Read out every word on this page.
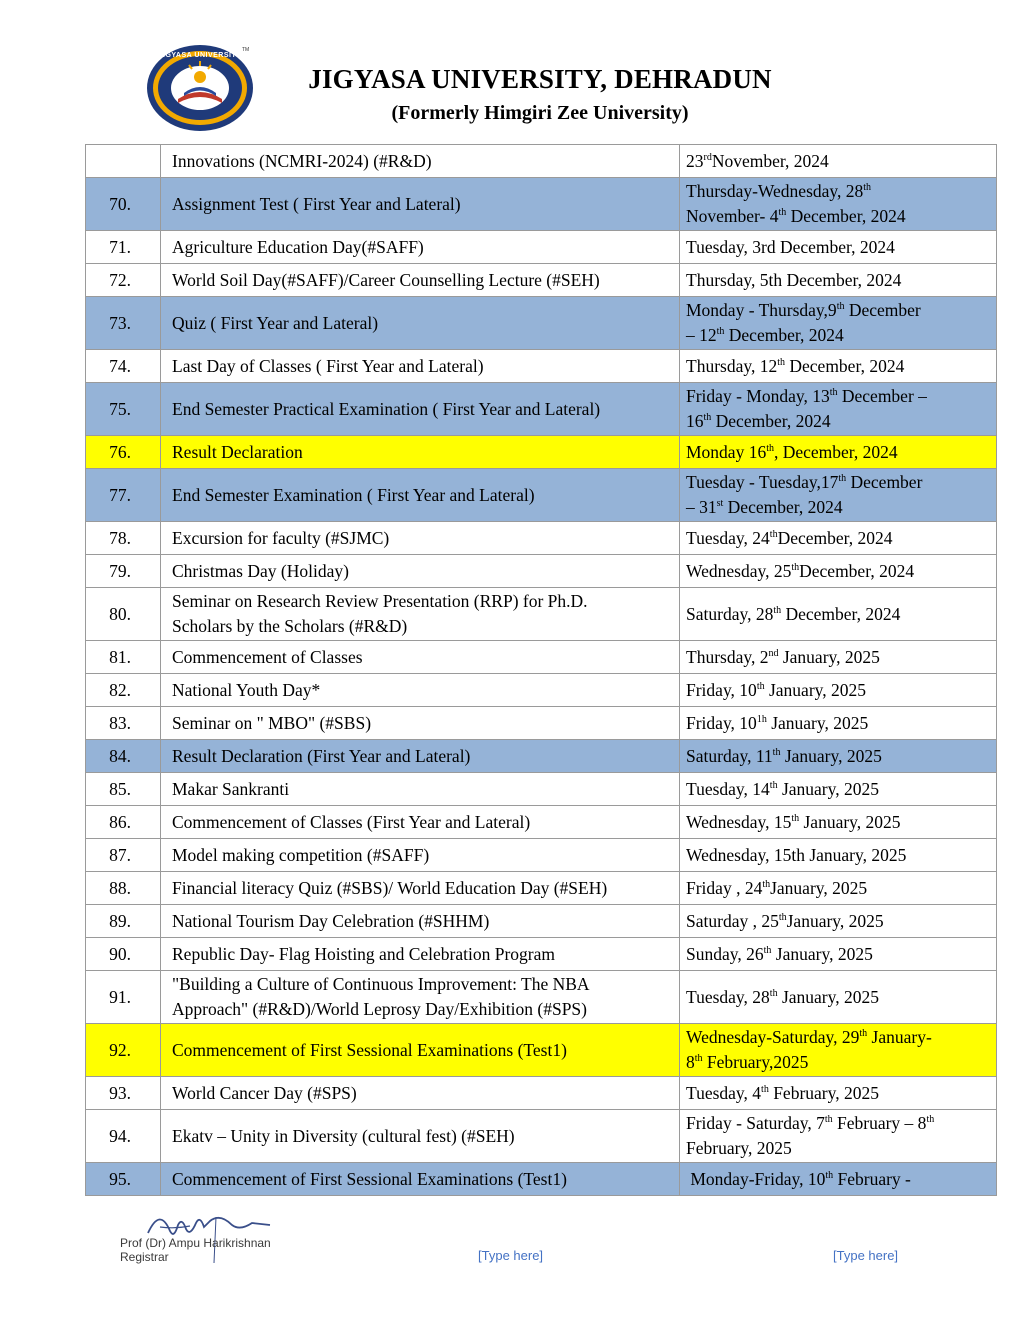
JIGYASA UNIVERSITY
TM
JIGYASA UNIVERSITY, DEHRADUN
(Formerly Himgiri Zee University)
	Innovations (NCMRI-2024) (#R&D)	23rdNovember, 2024
70.	Assignment Test ( First Year and Lateral)	Thursday-Wednesday, 28th
November- 4th December, 2024
71.	Agriculture Education Day(#SAFF)	Tuesday, 3rd December, 2024
72.	World Soil Day(#SAFF)/Career Counselling Lecture (#SEH)	Thursday, 5th December, 2024
73.	Quiz ( First Year and Lateral)	Monday - Thursday,9th December
– 12th December, 2024
74.	Last Day of Classes ( First Year and Lateral)	Thursday, 12th December, 2024
75.	End Semester Practical Examination ( First Year and Lateral)	Friday - Monday, 13th December –
16th December, 2024
76.	Result Declaration	Monday 16th, December, 2024
77.	End Semester Examination ( First Year and Lateral)	Tuesday - Tuesday,17th December
– 31st December, 2024
78.	Excursion for faculty (#SJMC)	Tuesday, 24thDecember, 2024
79.	Christmas Day (Holiday)	Wednesday, 25thDecember, 2024
80.	Seminar on Research Review Presentation (RRP) for Ph.D.
Scholars by the Scholars (#R&D)	Saturday, 28th December, 2024
81.	Commencement of Classes	Thursday, 2nd January, 2025
82.	National Youth Day*	Friday, 10th January, 2025
83.	Seminar on " MBO" (#SBS)	Friday, $10^{1h}$ January, 2025
84.	Result Declaration (First Year and Lateral)	Saturday, 11th January, 2025
85.	Makar Sankranti	Tuesday, 14th January, 2025
86.	Commencement of Classes (First Year and Lateral)	Wednesday, 15th January, 2025
87.	Model making competition (#SAFF)	Wednesday, 15th January, 2025
88.	Financial literacy Quiz (#SBS)/ World Education Day (#SEH)	Friday , 24thJanuary, 2025
89.	National Tourism Day Celebration (#SHHM)	Saturday , 25thJanuary, 2025
90.	Republic Day- Flag Hoisting and Celebration Program	Sunday, 26th January, 2025
91.	"Building a Culture of Continuous Improvement: The NBA
Approach" (#R&D)/World Leprosy Day/Exhibition (#SPS)	Tuesday, 28th January, 2025
92.	Commencement of First Sessional Examinations (Test1)	Wednesday-Saturday, 29th January-
8th February,2025
93.	World Cancer Day (#SPS)	Tuesday, 4th February, 2025
94.	Ekatv – Unity in Diversity (cultural fest) (#SEH)	Friday - Saturday, 7th February – 8th
February, 2025
95.	Commencement of First Sessional Examinations (Test1)	Monday-Friday, 10th February -
Prof (Dr) Ampu Harikrishnan
Registrar	[Type here]	[Type here]
